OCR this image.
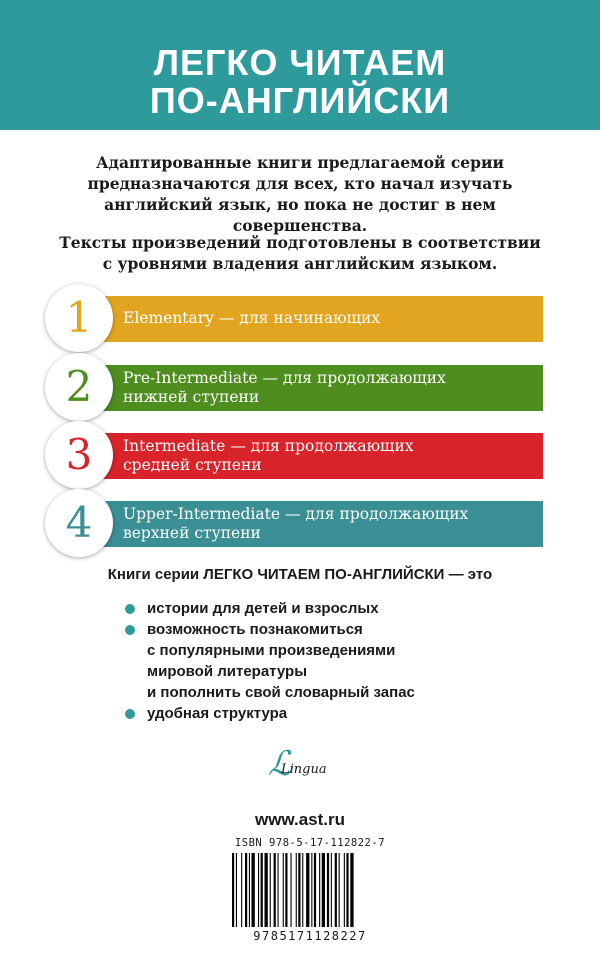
ЛЕГКО ЧИТАЕМ
ПО-АНГЛИЙСКИ
Адаптированные книги предлагаемой серии
предназначаются для всех, кто начал изучать
английский язык, но пока не достиг в нем
совершенства.
Тексты произведений подготовлены в соответствии
с уровнями владения английским языком.
1	Elementary — для начинающих
2	Pre-Intermediate — для продолжающих
нижней ступени
3	Intermediate — для продолжающих
средней ступени
4	Upper-Intermediate — для продолжающих
верхней ступени
Книги серии ЛЕГКО ЧИТАЕМ ПО-АНГЛИЙСКИ — это
истории для детей и взрослых
возможность познакомиться
с популярными произведениями
мировой литературы
и пополнить свой словарный запас
удобная структура
ℒ
Lingua
www.ast.ru
ISBN 978-5-17-112822-7
9785171128227
